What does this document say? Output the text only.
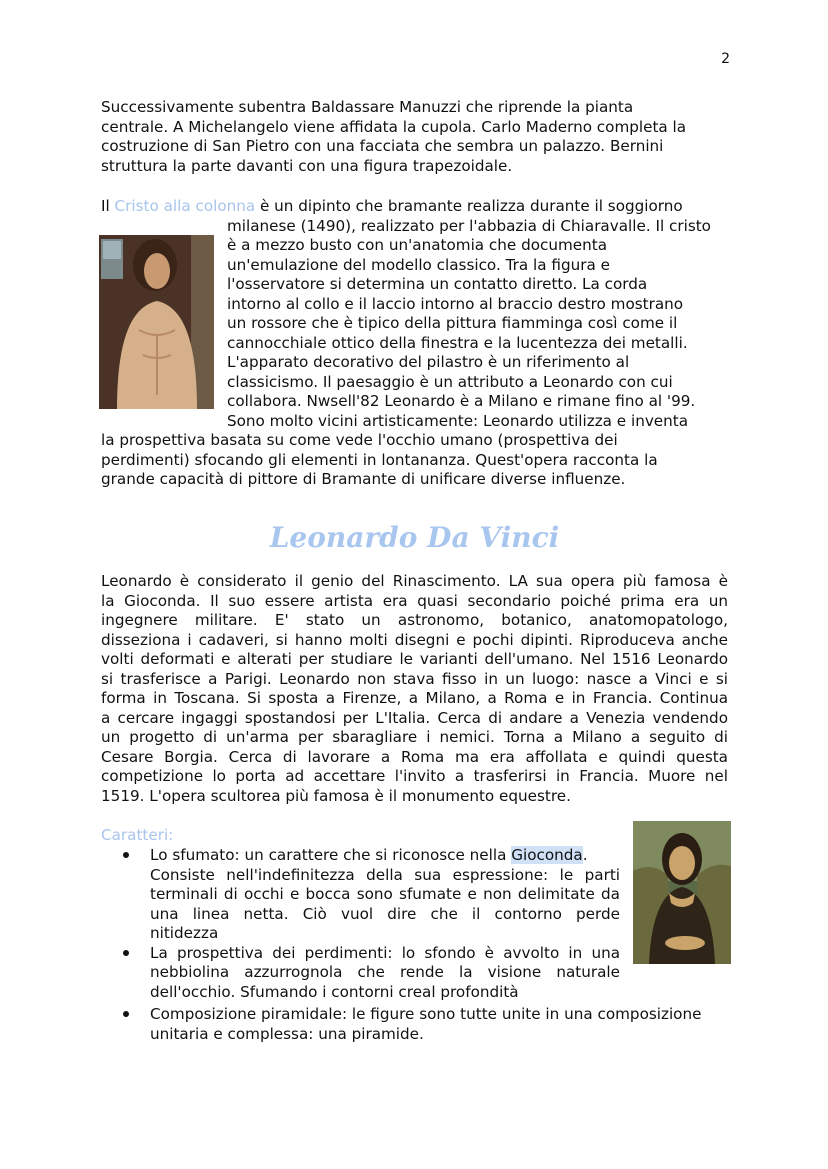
2
Successivamente subentra Baldassare Manuzzi che riprende la pianta
centrale. A Michelangelo viene affidata la cupola. Carlo Maderno completa la
costruzione di San Pietro con una facciata che sembra un palazzo. Bernini
struttura la parte davanti con una figura trapezoidale.
Il Cristo alla colonna è un dipinto che bramante realizza durante il soggiorno
milanese (1490), realizzato per l'abbazia di Chiaravalle. Il cristo
è a mezzo busto con un'anatomia che documenta
un'emulazione del modello classico. Tra la figura e
l'osservatore si determina un contatto diretto. La corda
intorno al collo e il laccio intorno al braccio destro mostrano
un rossore che è tipico della pittura fiamminga così come il
cannocchiale ottico della finestra e la lucentezza dei metalli.
L'apparato decorativo del pilastro è un riferimento al
classicismo. Il paesaggio è un attributo a Leonardo con cui
collabora. Nwsell'82 Leonardo è a Milano e rimane fino al '99.
Sono molto vicini artisticamente: Leonardo utilizza e inventa
la prospettiva basata su come vede l'occhio umano (prospettiva dei
perdimenti) sfocando gli elementi in lontananza. Quest'opera racconta la
grande capacità di pittore di Bramante di unificare diverse influenze.
Leonardo Da Vinci
Leonardo è considerato il genio del Rinascimento. LA sua opera più famosa è
la Gioconda. Il suo essere artista era quasi secondario poiché prima era un
ingegnere militare. E' stato un astronomo, botanico, anatomopatologo,
disseziona i cadaveri, si hanno molti disegni e pochi dipinti. Riproduceva anche
volti deformati e alterati per studiare le varianti dell'umano. Nel 1516 Leonardo
si trasferisce a Parigi. Leonardo non stava fisso in un luogo: nasce a Vinci e si
forma in Toscana. Si sposta a Firenze, a Milano, a Roma e in Francia. Continua
a cercare ingaggi spostandosi per L'Italia. Cerca di andare a Venezia vendendo
un progetto di un'arma per sbaragliare i nemici. Torna a Milano a seguito di
Cesare Borgia. Cerca di lavorare a Roma ma era affollata e quindi questa
competizione lo porta ad accettare l'invito a trasferirsi in Francia. Muore nel
1519. L'opera scultorea più famosa è il monumento equestre.
Caratteri:
Lo sfumato: un carattere che si riconosce nella Gioconda.
Consiste nell'indefinitezza della sua espressione: le parti
terminali di occhi e bocca sono sfumate e non delimitate da
una linea netta. Ciò vuol dire che il contorno perde
nitidezza
La prospettiva dei perdimenti: lo sfondo è avvolto in una
nebbiolina azzurrognola che rende la visione naturale
dell'occhio. Sfumando i contorni creal profondità
Composizione piramidale: le figure sono tutte unite in una composizione
unitaria e complessa: una piramide.
